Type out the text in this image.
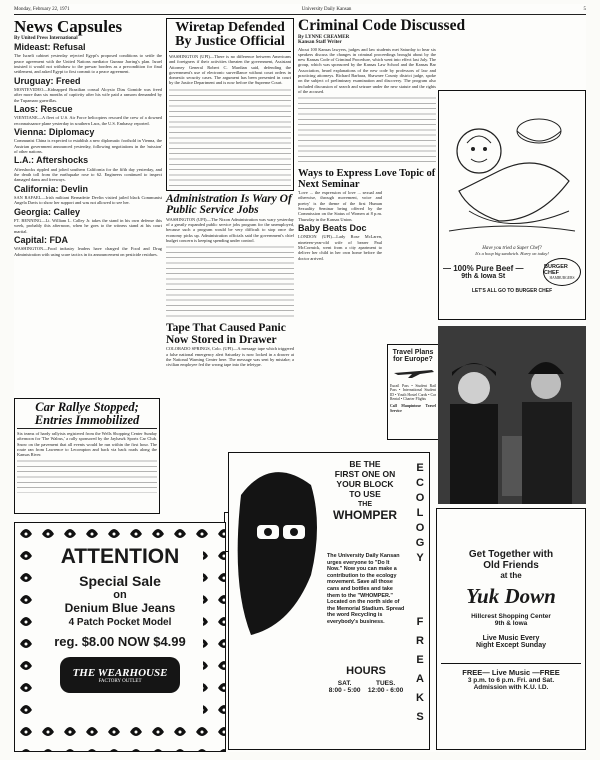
Monday, February 22, 1971	University Daily Kansan	5
News Capsules
By United Press International
Mideast: Refusal

The Israeli cabinet yesterday rejected Egypt's proposed conditions to settle the peace agreement with the United Nations mediator Gunnar Jarring's plan. Israel insisted it would not withdraw to the prewar borders as a precondition for final settlement, and asked Egypt to first commit to a peace agreement.

Uruguay: Freed

MONTEVIDEO—Kidnapped Brazilian consul Aloysio Dias Gomide was freed after more than six months of captivity after his wife paid a ransom demanded by the Tupamaro guerrillas.

Laos: Rescue

VIENTIANE—A fleet of U.S. Air Force helicopters rescued the crew of a downed reconnaissance plane yesterday in southern Laos, the U.S. Embassy reported.

Vienna: Diplomacy

Communist China is expected to establish a new diplomatic foothold in Vienna, the Austrian government announced yesterday, following negotiations in the 'mission' of other nations.

L.A.: Aftershocks

Aftershocks rippled and jolted southern California for the fifth day yesterday, and the death toll from the earthquake rose to 62. Engineers continued to inspect damaged dams and freeways.

California: Devlin

SAN RAFAEL—Irish militant Bernadette Devlin visited jailed black Communist Angela Davis to show her support and was not allowed to see her.

Georgia: Calley

FT. BENNING—Lt. William L. Calley Jr. takes the stand in his own defense this week, probably this afternoon, when he goes to the witness stand at his court martial.

Capital: FDA

WASHINGTON—Food industry leaders have charged the Food and Drug Administration with using scare tactics in its announcement on pesticide residues.

Car Rallye Stopped; Entries Immobilized

Six teams of hardy rallyists registered from the Wells Shopping Center Sunday afternoon for 'The Walrus,' a rally sponsored by the Jayhawk Sports Car Club. Snow on the pavement that all events would be run within the first hour. The route ran from Lawrence to Lecompton and back via back roads along the Kansas River.

Wiretap Defended By Justice Official

WASHINGTON (UPI)—There is no difference between Americans and foreigners if their activities threaten the government, Assistant Attorney General Robert C. Mardian said, defending the government's use of electronic surveillance without court orders in domestic security cases. The argument has been presented in court by the Justice Department and is now before the Supreme Court.

Administration Is Wary Of Public Service Jobs

WASHINGTON (UPI)—The Nixon Administration was wary yesterday of a greatly expanded public service jobs program for the unemployed, because such a program would be very difficult to stop once the economy picks up. Administration officials said the government's chief budget concern is keeping spending under control.

Tape That Caused Panic Now Stored in Drawer

COLORADO SPRINGS, Colo. (UPI)—A message tape which triggered a false national emergency alert Saturday is now locked in a drawer at the National Warning Center here. The message was sent by mistake; a civilian employee fed the wrong tape into the teletype.

Criminal Code Discussed
By LYNNE CREAMER
Kansan Staff Writer

About 100 Kansas lawyers, judges and law students met Saturday to hear six speakers discuss the changes in criminal proceedings brought about by the new Kansas Code of Criminal Procedure, which went into effect last July. The group, which was sponsored by the Kansas Law School and the Kansas Bar Association, heard explanations of the new code by professors of law and practicing attorneys. Richard Barbara, Shawnee County district judge, spoke on the subject of preliminary examination and discovery. The program also included discussion of search and seizure under the new statute and the rights of the accused.

Ways to Express Love Topic of Next Seminar

'Love ... the expression of love ... sexual and otherwise, through movement, voice and poetry' is the theme of the first Human Sexuality Seminar being offered by the Commission on the Status of Women at 8 p.m. Thursday in the Kansas Union.

Baby Beats Doc

LONDON (UPI)—Lady Rose McLaren, nineteen-year-old wife of bearer Paul McCormick, went from a city apartment to deliver her child in her own home before the doctor arrived.

Travel Plans for Europe?

Eurail Pass • Student Rail Pass • International Student ID • Youth Hostel Cards • Car Rental • Charter Flights

Call Maupintour Travel Service
Have you tried a Super Chef?
It's a hoop big sandwich. Hurry on today!
— 100% Pure Beef —
9th & Iowa St
BURGER CHEF
HAMBURGERS
LET'S ALL GO TO BURGER CHEF
ATTENTION
Special Sale
on
Denium Blue Jeans
4 Patch Pocket Model
reg. $8.00 NOW $4.99
THE WEARHOUSE
FACTORY OUTLET
BE THE
FIRST ONE ON
YOUR BLOCK
TO USE
THE
WHOMPER
The University Daily Kansan urges everyone to "Do It Now." Now you can make a contribution to the ecology movement. Save all those cans and bottles and take them to the "WHOMPER." Located on the north side of the Memorial Stadium. Spread the word Recycling is everybody's business.
HOURS
SAT.
8:00 - 5:00
TUES.
12:00 - 6:00
E
C
O
L
O
G
Y
F
R
E
A
K
S
Get Together with
Old Friends
at the
Yuk Down
Hillcrest Shopping Center
9th & Iowa
Live Music Every
Night Except Sunday
FREE— Live Music —FREE
3 p.m. to 6 p.m. Fri. and Sat.
Admission with K.U. I.D.
